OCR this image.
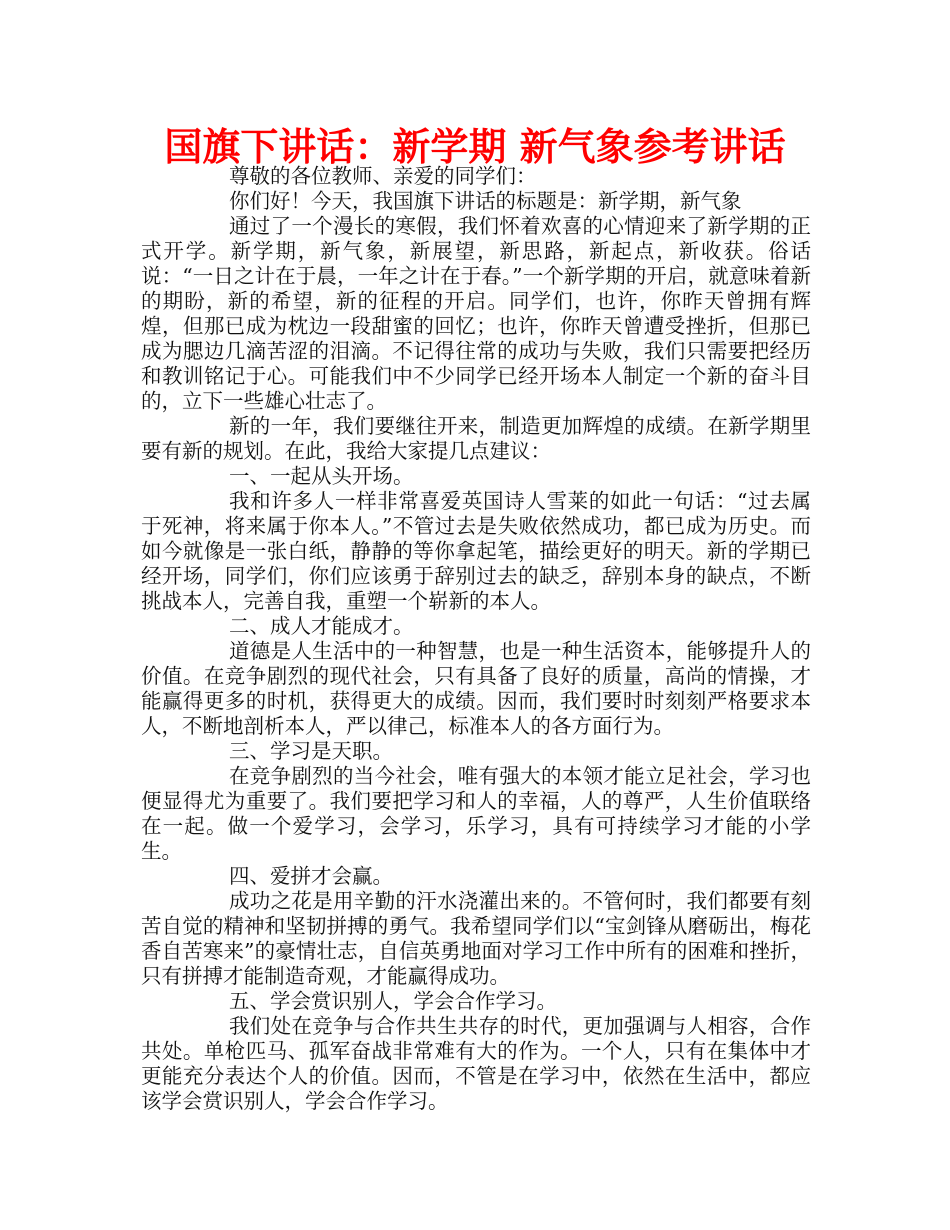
国旗下讲话：新学期 新气象参考讲话

尊敬的各位教师、亲爱的同学们：

你们好！今天，我国旗下讲话的标题是：新学期，新气象

通过了一个漫长的寒假，我们怀着欢喜的心情迎来了新学期的正式开学。新学期，新气象，新展望，新思路，新起点，新收获。俗话说：“一日之计在于晨，一年之计在于春。”一个新学期的开启，就意味着新的期盼，新的希望，新的征程的开启。同学们，也许，你昨天曾拥有辉煌，但那已成为枕边一段甜蜜的回忆；也许，你昨天曾遭受挫折，但那已成为腮边几滴苦涩的泪滴。不记得往常的成功与失败，我们只需要把经历和教训铭记于心。可能我们中不少同学已经开场本人制定一个新的奋斗目的，立下一些雄心壮志了。

新的一年，我们要继往开来，制造更加辉煌的成绩。在新学期里要有新的规划。在此，我给大家提几点建议：

一、一起从头开场。

我和许多人一样非常喜爱英国诗人雪莱的如此一句话：“过去属于死神，将来属于你本人。”不管过去是失败依然成功，都已成为历史。而如今就像是一张白纸，静静的等你拿起笔，描绘更好的明天。新的学期已经开场，同学们，你们应该勇于辞别过去的缺乏，辞别本身的缺点，不断挑战本人，完善自我，重塑一个崭新的本人。

二、成人才能成才。

道德是人生活中的一种智慧，也是一种生活资本，能够提升人的价值。在竞争剧烈的现代社会，只有具备了良好的质量，高尚的情操，才能赢得更多的时机，获得更大的成绩。因而，我们要时时刻刻严格要求本人，不断地剖析本人，严以律己，标准本人的各方面行为。

三、学习是天职。

在竞争剧烈的当今社会，唯有强大的本领才能立足社会，学习也便显得尤为重要了。我们要把学习和人的幸福，人的尊严，人生价值联络在一起。做一个爱学习，会学习，乐学习，具有可持续学习才能的小学生。

四、爱拼才会赢。

成功之花是用辛勤的汗水浇灌出来的。不管何时，我们都要有刻苦自觉的精神和坚韧拼搏的勇气。我希望同学们以“宝剑锋从磨砺出，梅花香自苦寒来”的豪情壮志，自信英勇地面对学习工作中所有的困难和挫折，只有拼搏才能制造奇观，才能赢得成功。

五、学会赏识别人，学会合作学习。

我们处在竞争与合作共生共存的时代，更加强调与人相容，合作共处。单枪匹马、孤军奋战非常难有大的作为。一个人，只有在集体中才更能充分表达个人的价值。因而，不管是在学习中，依然在生活中，都应该学会赏识别人，学会合作学习。
